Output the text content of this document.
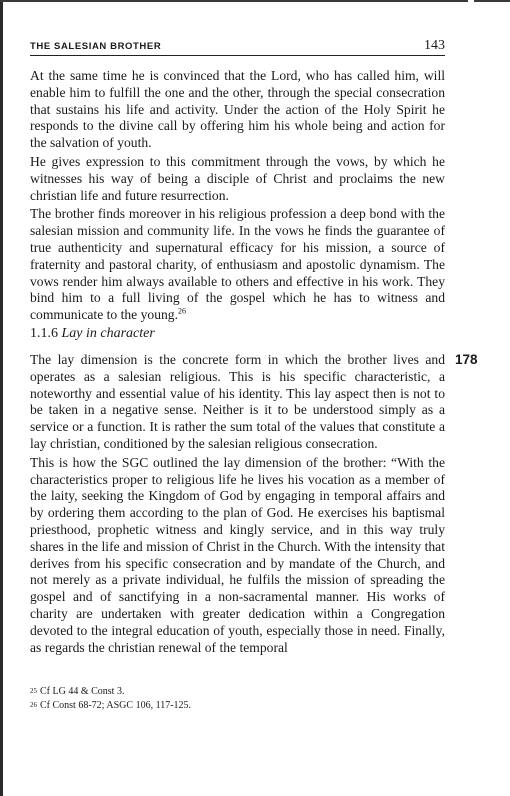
THE SALESIAN BROTHER	143

At the same time he is convinced that the Lord, who has called him, will enable him to fulfill the one and the other, through the special consecration that sustains his life and activity. Under the action of the Holy Spirit he responds to the divine call by offering him his whole being and action for the salvation of youth.

He gives expression to this commitment through the vows, by which he witnesses his way of being a disciple of Christ and proclaims the new christian life and future resurrection.

The brother finds moreover in his religious profession a deep bond with the salesian mission and community life. In the vows he finds the guarantee of true authenticity and supernatural efficacy for his mission, a source of fraternity and pastoral charity, of enthusiasm and apostolic dynamism. The vows render him always available to others and effective in his work. They bind him to a full living of the gospel which he has to witness and communicate to the young.$^{26}$

1.1.6 Lay in character
178

The lay dimension is the concrete form in which the brother lives and operates as a salesian religious. This is his specific characteristic, a noteworthy and essential value of his identity. This lay aspect then is not to be taken in a negative sense. Neither is it to be understood simply as a service or a function. It is rather the sum total of the values that constitute a lay christian, conditioned by the salesian religious consecration.

This is how the SGC outlined the lay dimension of the brother: “With the characteristics proper to religious life he lives his vocation as a member of the laity, seeking the Kingdom of God by engaging in temporal affairs and by ordering them according to the plan of God. He exercises his baptismal priesthood, prophetic witness and kingly service, and in this way truly shares in the life and mission of Christ in the Church. With the intensity that derives from his specific consecration and by mandate of the Church, and not merely as a private individual, he fulfils the mission of spreading the gospel and of sanctifying in a non-sacramental manner. His works of charity are undertaken with greater dedication within a Congregation devoted to the integral education of youth, especially those in need. Finally, as regards the christian renewal of the temporal

25 Cf LG 44 & Const 3.
26 Cf Const 68-72; ASGC 106, 117-125.
